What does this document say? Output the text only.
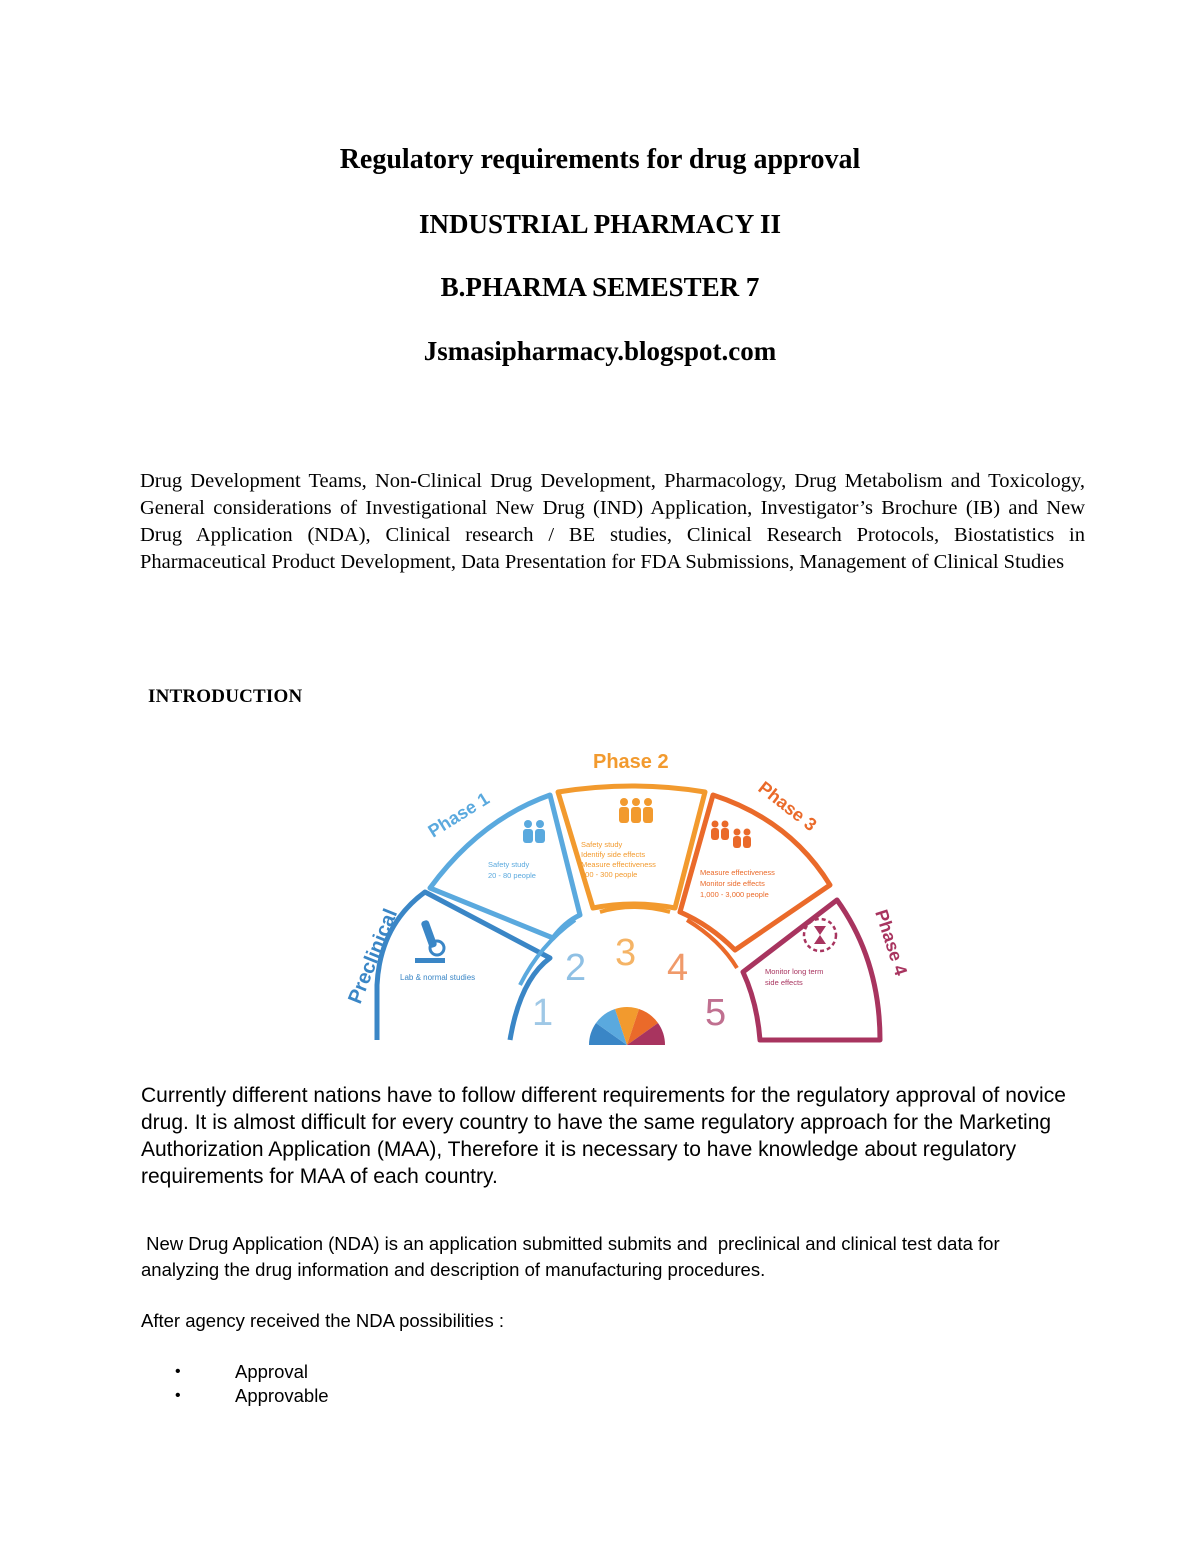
Regulatory requirements for drug approval
INDUSTRIAL PHARMACY II
B.PHARMA SEMESTER 7
Jsmasipharmacy.blogspot.com
Drug Development Teams, Non-Clinical Drug Development, Pharmacology, Drug Metabolism and Toxicology, General considerations of Investigational New Drug (IND) Application, Investigator’s Brochure (IB) and New Drug Application (NDA), Clinical research / BE studies, Clinical Research Protocols, Biostatistics in Pharmaceutical Product Development, Data Presentation for FDA Submissions, Management of Clinical Studies
INTRODUCTION
Preclinical
Phase 1
Phase 2
Phase 3
Phase 4
Lab & normal studies
Safety study
20 - 80 people
Safety study
Identify side effects
Measure effectiveness
100 - 300 people	Measure effectiveness
Monitor side effects
1,000 - 3,000 people
Monitor long term
side effects
1
2 3 4
5
Currently different nations have to follow different requirements for the regulatory approval of novice drug. It is almost difficult for every country to have the same regulatory approach for the Marketing Authorization Application (MAA), Therefore it is necessary to have knowledge about regulatory requirements for MAA of each country.
New Drug Application (NDA) is an application submitted submits and  preclinical and clinical test data for analyzing the drug information and description of manufacturing procedures.
After agency received the NDA possibilities :
•	Approval
•	Approvable
